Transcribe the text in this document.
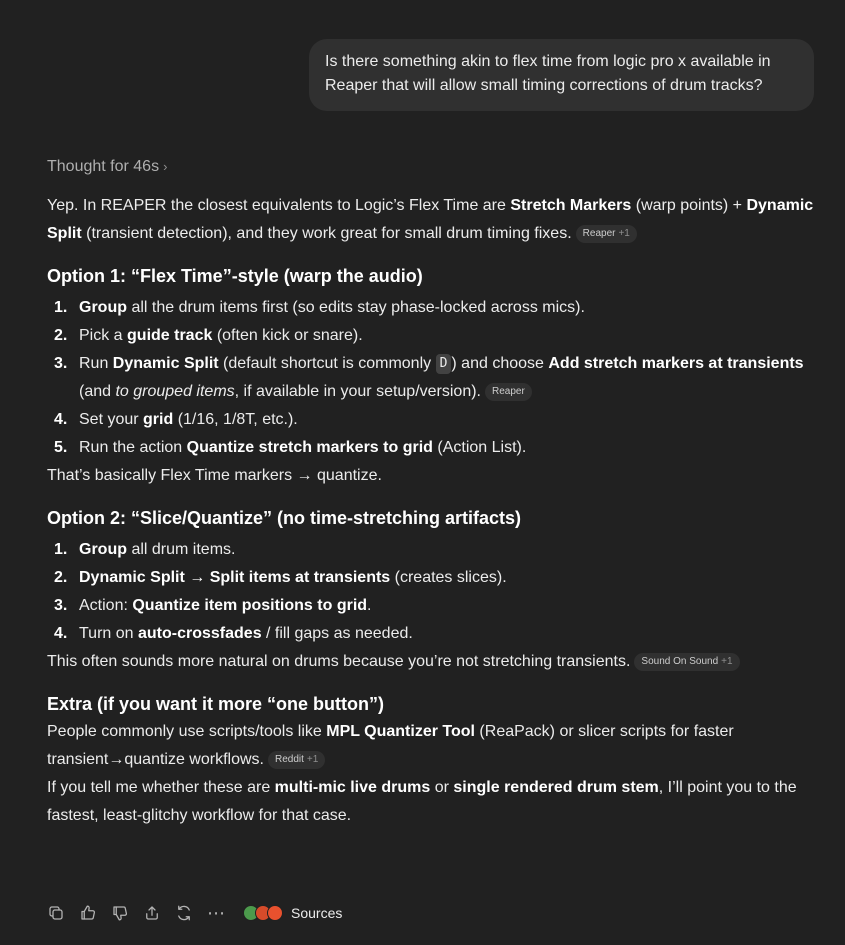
Is there something akin to flex time from logic pro x available in Reaper that will allow small timing corrections of drum tracks?
Thought for 46s ›

Yep. In REAPER the closest equivalents to Logic’s Flex Time are Stretch Markers (warp points) + Dynamic Split (transient detection), and they work great for small drum timing fixes. Reaper +1

Option 1: “Flex Time”-style (warp the audio)
1. Group all the drum items first (so edits stay phase-locked across mics).
2. Pick a guide track (often kick or snare).
3. Run Dynamic Split (default shortcut is commonly D ) and choose Add stretch markers at transients (and to grouped items, if available in your setup/version). Reaper
4. Set your grid (1/16, 1/8T, etc.).
5. Run the action Quantize stretch markers to grid (Action List).

That’s basically Flex Time markers → quantize.

Option 2: “Slice/Quantize” (no time-stretching artifacts)
1. Group all drum items.
2. Dynamic Split → Split items at transients (creates slices).
3. Action: Quantize item positions to grid.
4. Turn on auto-crossfades / fill gaps as needed.

This often sounds more natural on drums because you’re not stretching transients. Sound On Sound +1

Extra (if you want it more “one button”)

People commonly use scripts/tools like MPL Quantizer Tool (ReaPack) or slicer scripts for faster transient→quantize workflows. Reddit +1

If you tell me whether these are multi-mic live drums or single rendered drum stem, I’ll point you to the fastest, least-glitchy workflow for that case.

⋯	Sources
